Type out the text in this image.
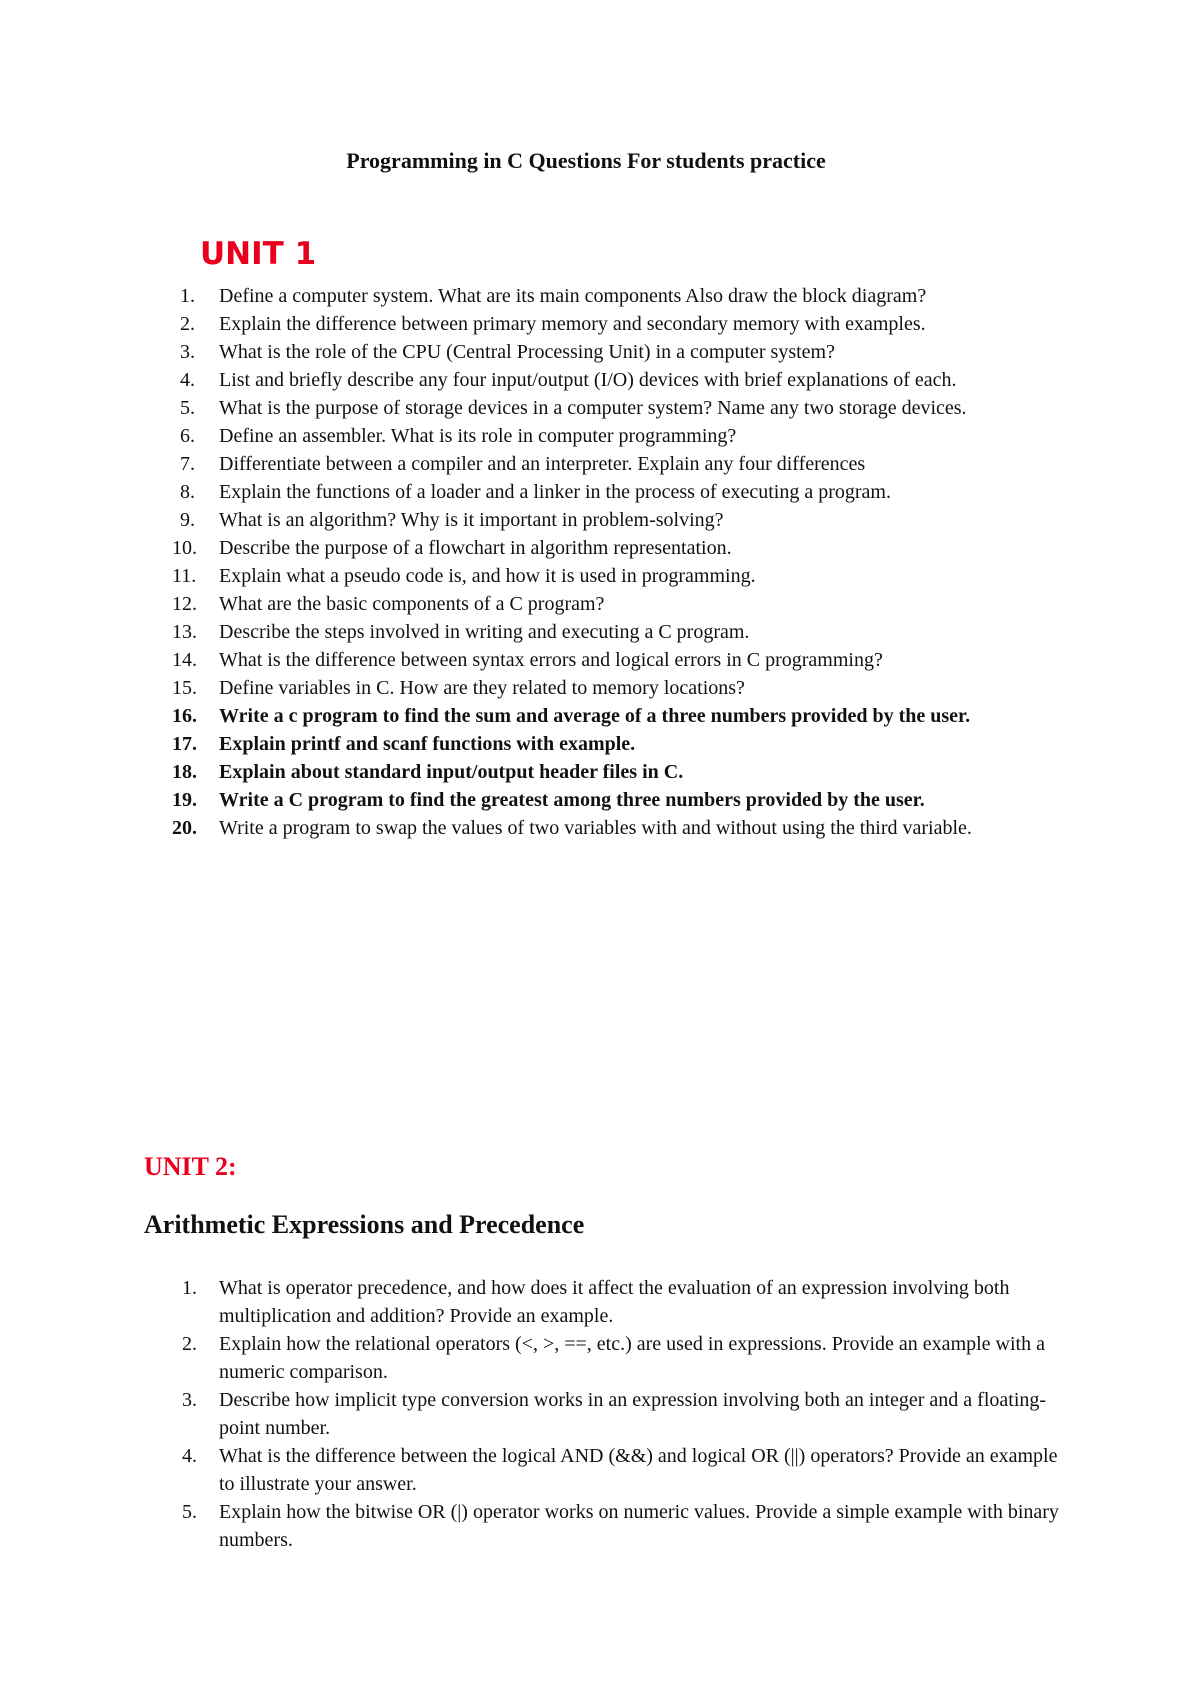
Programming in C Questions For students practice
UNIT 1
1. Define a computer system. What are its main components Also draw the block diagram?
2. Explain the difference between primary memory and secondary memory with examples.
3. What is the role of the CPU (Central Processing Unit) in a computer system?
4. List and briefly describe any four input/output (I/O) devices with brief explanations of each.
5. What is the purpose of storage devices in a computer system? Name any two storage devices.
6. Define an assembler. What is its role in computer programming?
7. Differentiate between a compiler and an interpreter. Explain any four differences
8. Explain the functions of a loader and a linker in the process of executing a program.
9. What is an algorithm? Why is it important in problem-solving?
10. Describe the purpose of a flowchart in algorithm representation.
11. Explain what a pseudo code is, and how it is used in programming.
12. What are the basic components of a C program?
13. Describe the steps involved in writing and executing a C program.
14. What is the difference between syntax errors and logical errors in C programming?
15. Define variables in C. How are they related to memory locations?
16. Write a c program to find the sum and average of a three numbers provided by the user.
17. Explain printf and scanf functions with example.
18. Explain about standard input/output header files in C.
19. Write a C program to find the greatest among three numbers provided by the user.
20. Write a program to swap the values of two variables with and without using the third variable.
UNIT 2:
Arithmetic Expressions and Precedence
1. What is operator precedence, and how does it affect the evaluation of an expression involving both multiplication and addition? Provide an example.
2. Explain how the relational operators (<, >, ==, etc.) are used in expressions. Provide an example with a numeric comparison.
3. Describe how implicit type conversion works in an expression involving both an integer and a floating-point number.
4. What is the difference between the logical AND (&&) and logical OR (||) operators? Provide an example to illustrate your answer.
5. Explain how the bitwise OR (|) operator works on numeric values. Provide a simple example with binary numbers.
